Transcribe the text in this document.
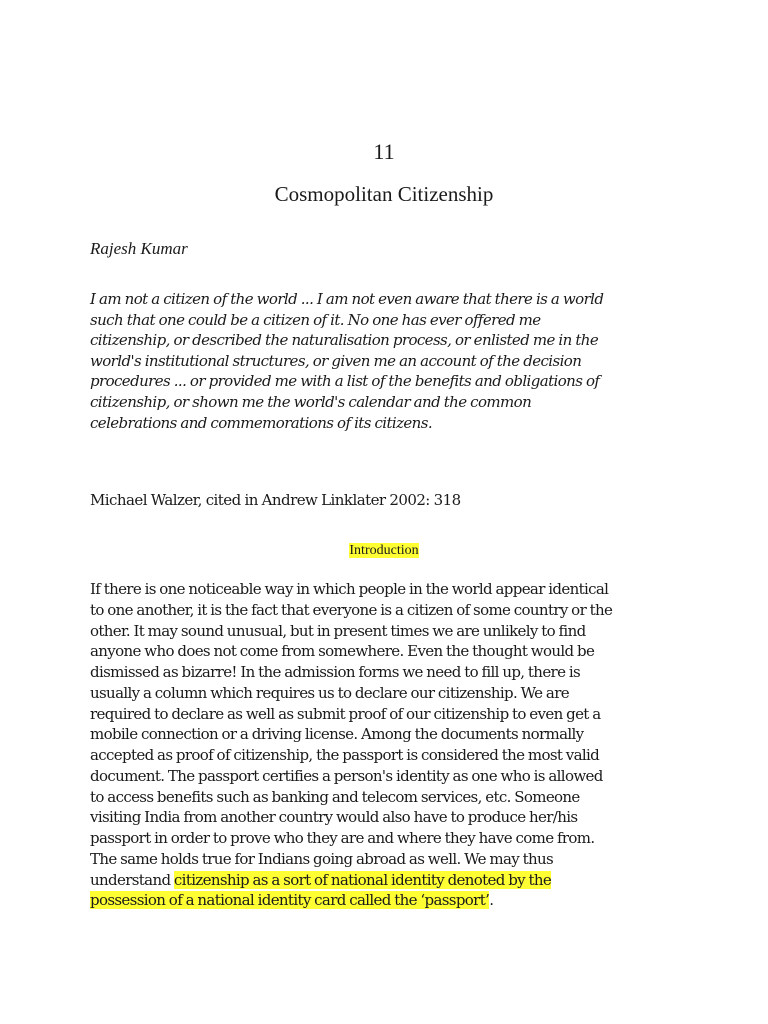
11
Cosmopolitan Citizenship
Rajesh Kumar

I am not a citizen of the world ... I am not even aware that there is a world
such that one could be a citizen of it. No one has ever offered me
citizenship, or described the naturalisation process, or enlisted me in the
world's institutional structures, or given me an account of the decision
procedures ... or provided me with a list of the benefits and obligations of
citizenship, or shown me the world's calendar and the common
celebrations and commemorations of its citizens.

Michael Walzer, cited in Andrew Linklater 2002: 318
Introduction

If there is one noticeable way in which people in the world appear identical
to one another, it is the fact that everyone is a citizen of some country or the
other. It may sound unusual, but in present times we are unlikely to find
anyone who does not come from somewhere. Even the thought would be
dismissed as bizarre! In the admission forms we need to fill up, there is
usually a column which requires us to declare our citizenship. We are
required to declare as well as submit proof of our citizenship to even get a
mobile connection or a driving license. Among the documents normally
accepted as proof of citizenship, the passport is considered the most valid
document. The passport certifies a person's identity as one who is allowed
to access benefits such as banking and telecom services, etc. Someone
visiting India from another country would also have to produce her/his
passport in order to prove who they are and where they have come from.
The same holds true for Indians going abroad as well. We may thus
understand citizenship as a sort of national identity denoted by the
possession of a national identity card called the ‘passport’.
